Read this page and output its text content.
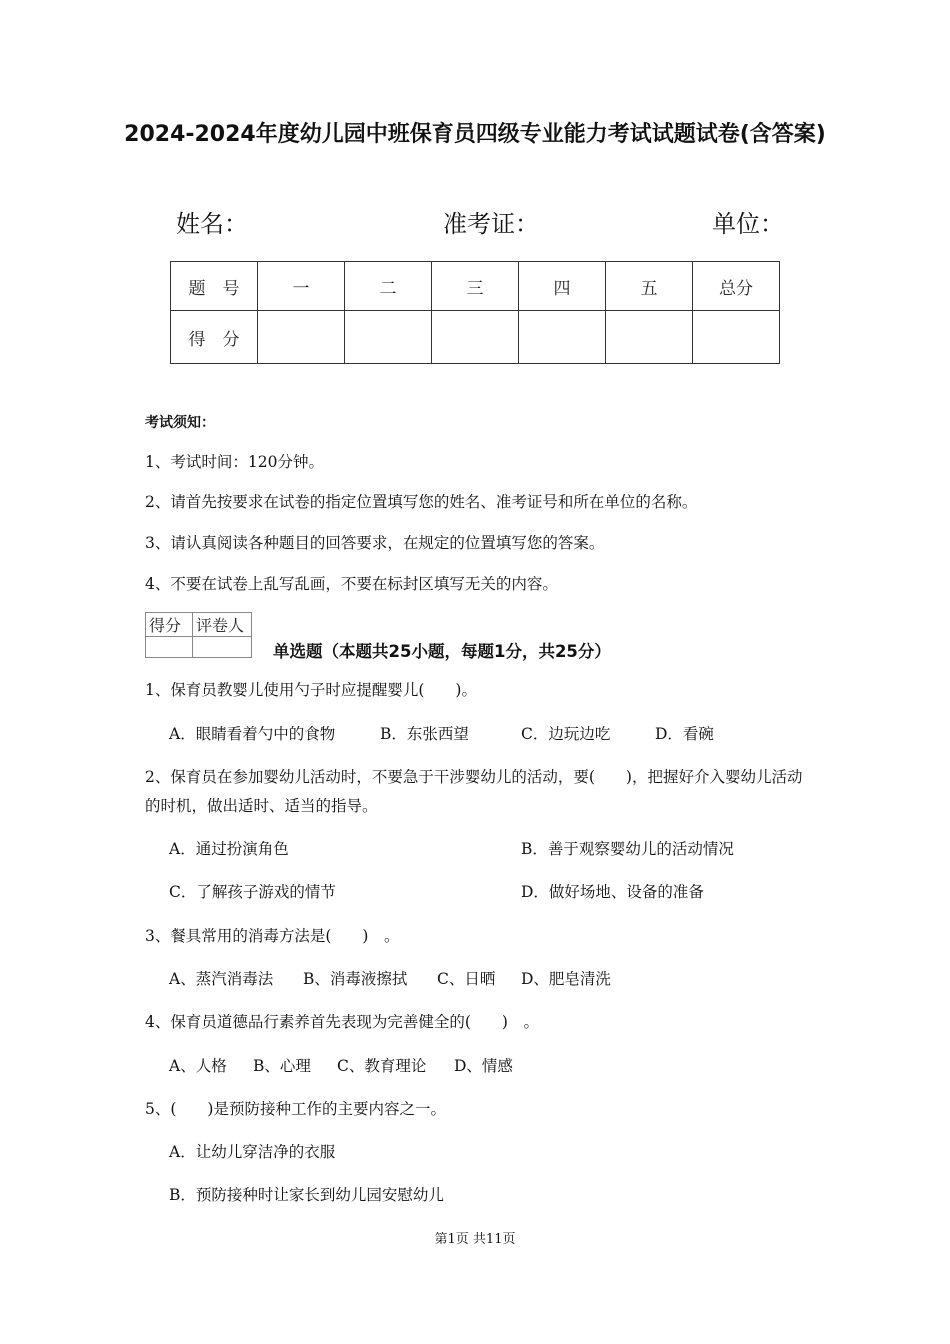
2024-2024年度幼儿园中班保育员四级专业能力考试试题试卷(含答案)
姓名：	准考证：	单位：
题　号	一	二	三	四	五	总分
得　分						
考试须知：
1、考试时间：120分钟。
2、请首先按要求在试卷的指定位置填写您的姓名、准考证号和所在单位的名称。
3、请认真阅读各种题目的回答要求，在规定的位置填写您的答案。
4、不要在试卷上乱写乱画，不要在标封区填写无关的内容。
得分	评卷人

单选题（本题共25小题，每题1分，共25分）
1、保育员教婴儿使用勺子时应提醒婴儿(　　)。
A．眼睛看着勺中的食物	B．东张西望	C．边玩边吃	D．看碗
2、保育员在参加婴幼儿活动时，不要急于干涉婴幼儿的活动，要(　　)，把握好介入婴幼儿活动的时机，做出适时、适当的指导。
A．通过扮演角色	B．善于观察婴幼儿的活动情况
C．了解孩子游戏的情节	D．做好场地、设备的准备
3、餐具常用的消毒方法是(　　)　。
A、蒸汽消毒法 B、消毒液擦拭 C、日晒 D、肥皂清洗
4、保育员道德品行素养首先表现为完善健全的(　　)　。
A、人格 B、心理 C、教育理论 D、情感
5、(　　)是预防接种工作的主要内容之一。
A．让幼儿穿洁净的衣服
B．预防接种时让家长到幼儿园安慰幼儿
第1页 共11页
